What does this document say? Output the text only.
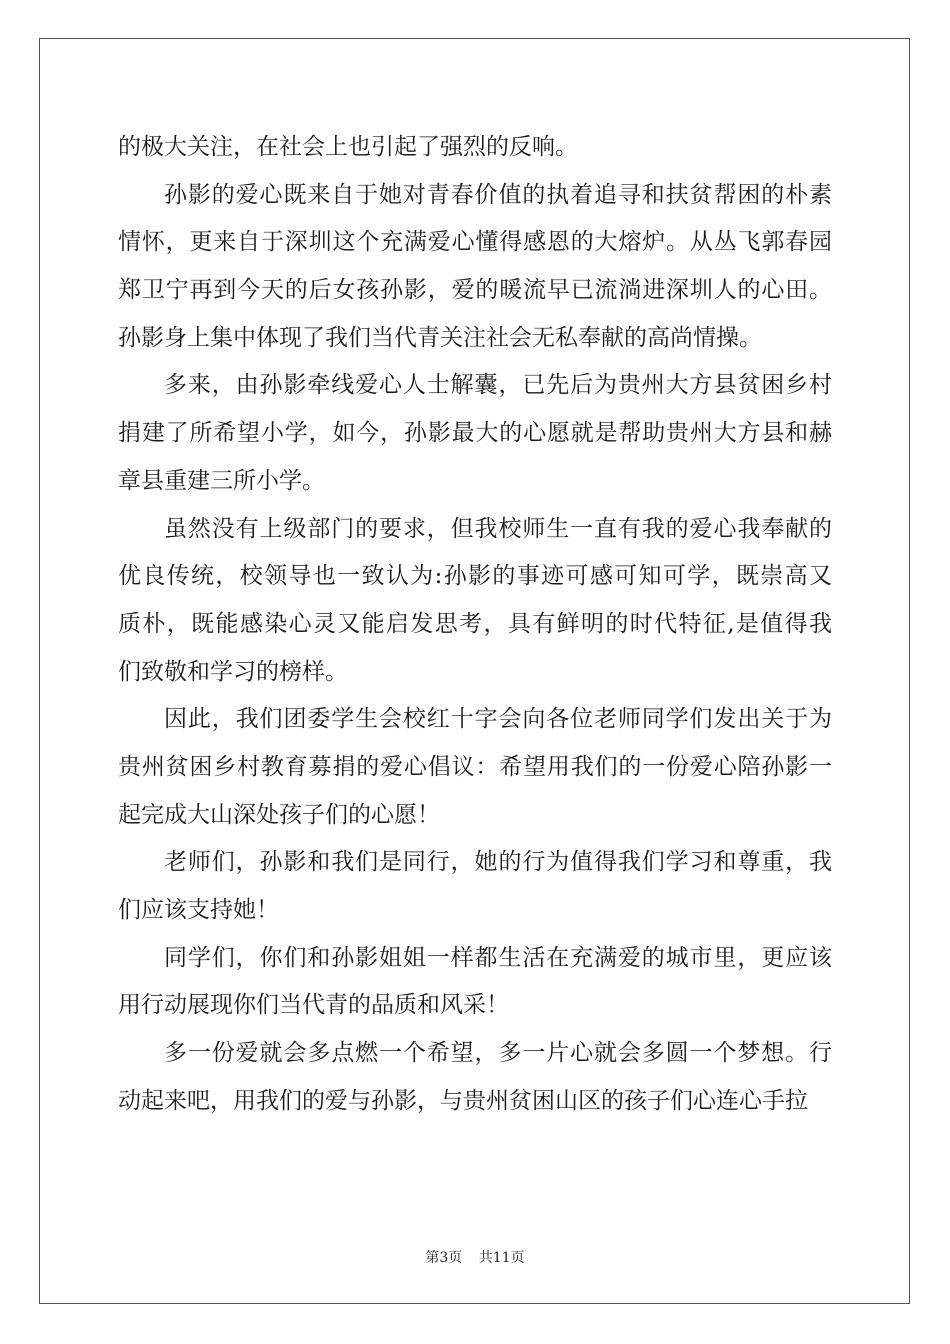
的极大关注，在社会上也引起了强烈的反响。
孙影的爱心既来自于她对青春价值的执着追寻和扶贫帮困的朴素
情怀，更来自于深圳这个充满爱心懂得感恩的大熔炉。从丛飞郭春园
郑卫宁再到今天的后女孩孙影，爱的暖流早已流淌进深圳人的心田。
孙影身上集中体现了我们当代青关注社会无私奉献的高尚情操。
多来，由孙影牵线爱心人士解囊，已先后为贵州大方县贫困乡村
捐建了所希望小学，如今，孙影最大的心愿就是帮助贵州大方县和赫
章县重建三所小学。
虽然没有上级部门的要求，但我校师生一直有我的爱心我奉献的
优良传统，校领导也一致认为:孙影的事迹可感可知可学，既崇高又
质朴，既能感染心灵又能启发思考，具有鲜明的时代特征,是值得我
们致敬和学习的榜样。
因此，我们团委学生会校红十字会向各位老师同学们发出关于为
贵州贫困乡村教育募捐的爱心倡议：希望用我们的一份爱心陪孙影一
起完成大山深处孩子们的心愿！
老师们，孙影和我们是同行，她的行为值得我们学习和尊重，我
们应该支持她！
同学们，你们和孙影姐姐一样都生活在充满爱的城市里，更应该
用行动展现你们当代青的品质和风采！
多一份爱就会多点燃一个希望，多一片心就会多圆一个梦想。行
动起来吧，用我们的爱与孙影，与贵州贫困山区的孩子们心连心手拉
第3页 共11页
